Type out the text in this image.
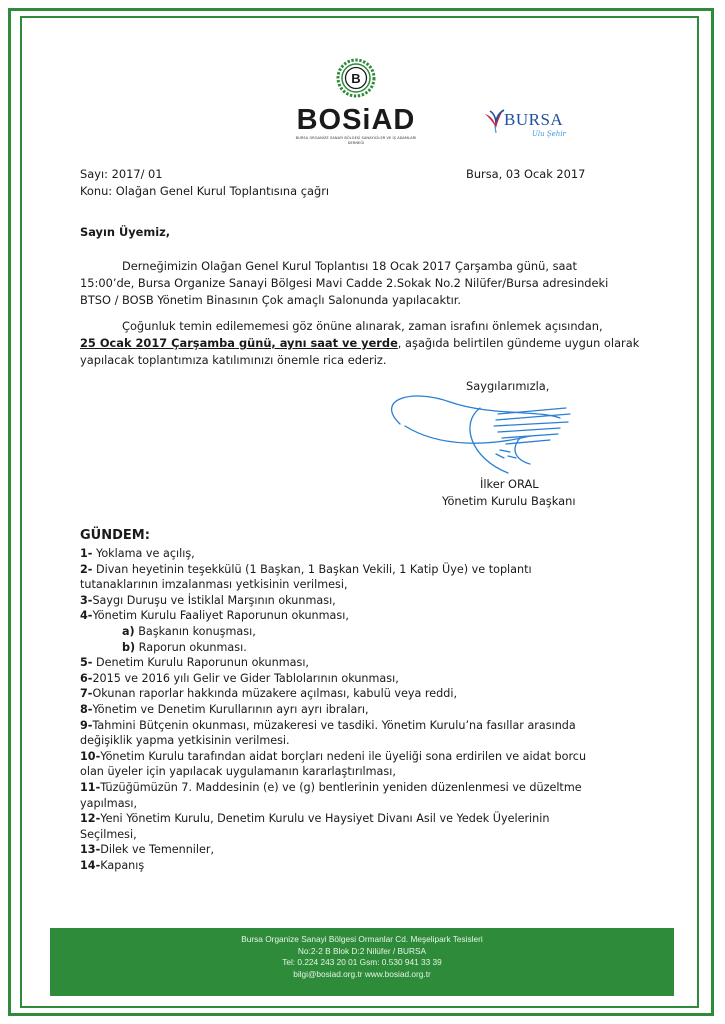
B
BOSiAD
BURSA ORGANİZE SANAYİ BÖLGESİ SANAYİCİLER VE İŞ ADAMLARI DERNEĞİ
BURSA
Ulu Şehir
Sayı: 2017/ 01
Konu: Olağan Genel Kurul Toplantısına çağrı
Bursa, 03 Ocak 2017
Sayın Üyemiz,
Derneğimizin Olağan Genel Kurul Toplantısı 18 Ocak 2017 Çarşamba günü, saat
15:00’de, Bursa Organize Sanayi Bölgesi Mavi Cadde 2.Sokak No.2 Nilüfer/Bursa adresindeki
BTSO / BOSB Yönetim Binasının Çok amaçlı Salonunda yapılacaktır.
Çoğunluk temin edilememesi göz önüne alınarak, zaman israfını önlemek açısından,
25 Ocak 2017 Çarşamba günü, aynı saat ve yerde, aşağıda belirtilen gündeme uygun olarak
yapılacak toplantımıza katılımınızı önemle rica ederiz.
Saygılarımızla,
İlker ORAL
Yönetim Kurulu Başkanı
GÜNDEM:
1- Yoklama ve açılış,
2- Divan heyetinin teşekkülü (1 Başkan, 1 Başkan Vekili, 1 Katip Üye) ve toplantı
tutanaklarının imzalanması yetkisinin verilmesi,
3-Saygı Duruşu ve İstiklal Marşının okunması,
4-Yönetim Kurulu Faaliyet Raporunun okunması,
a) Başkanın konuşması,
b) Raporun okunması.
5- Denetim Kurulu Raporunun okunması,
6-2015 ve 2016 yılı Gelir ve Gider Tablolarının okunması,
7-Okunan raporlar hakkında müzakere açılması, kabulü veya reddi,
8-Yönetim ve Denetim Kurullarının ayrı ayrı ibraları,
9-Tahmini Bütçenin okunması, müzakeresi ve tasdiki. Yönetim Kurulu’na fasıllar arasında
değişiklik yapma yetkisinin verilmesi.
10-Yönetim Kurulu tarafından aidat borçları nedeni ile üyeliği sona erdirilen ve aidat borcu
olan üyeler için yapılacak uygulamanın kararlaştırılması,
11-Tüzüğümüzün 7. Maddesinin (e) ve (g) bentlerinin yeniden düzenlenmesi ve düzeltme
yapılması,
12-Yeni Yönetim Kurulu, Denetim Kurulu ve Haysiyet Divanı Asil ve Yedek Üyelerinin
Seçilmesi,
13-Dilek ve Temenniler,
14-Kapanış
Bursa Organize Sanayi Bölgesi Ormanlar Cd. Meşelipark Tesisleri
No:2-2 B Blok D:2 Nilüfer / BURSA
Tel: 0.224 243 20 01 Gsm: 0.530 941 33 39
bilgi@bosiad.org.tr www.bosiad.org.tr
